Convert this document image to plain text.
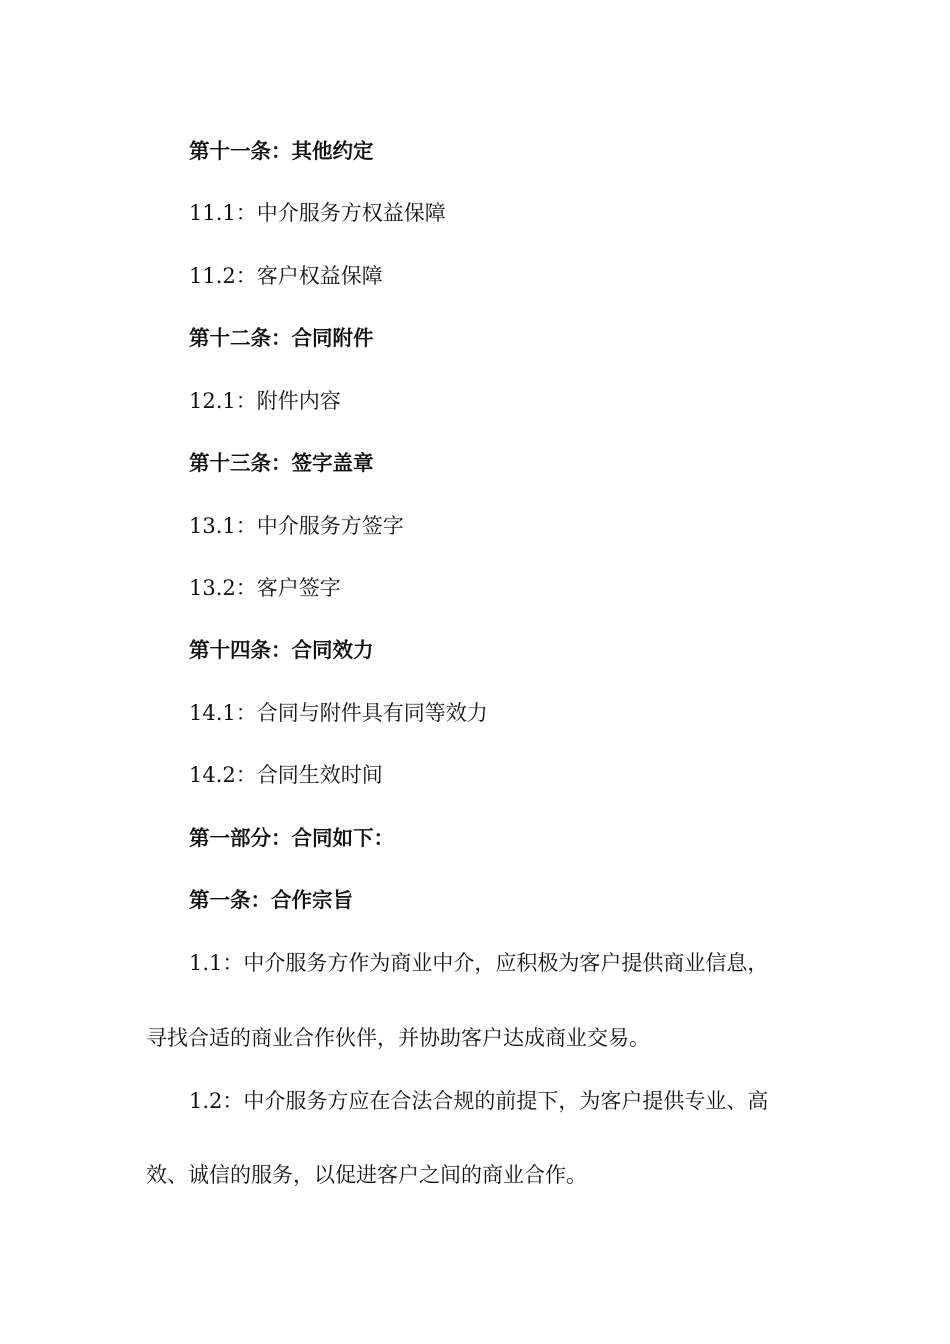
第十一条：其他约定
11.1：中介服务方权益保障
11.2：客户权益保障
第十二条：合同附件
12.1：附件内容
第十三条：签字盖章
13.1：中介服务方签字
13.2：客户签字
第十四条：合同效力
14.1：合同与附件具有同等效力
14.2：合同生效时间
第一部分：合同如下：
第一条：合作宗旨
1.1：中介服务方作为商业中介，应积极为客户提供商业信息，
寻找合适的商业合作伙伴，并协助客户达成商业交易。
1.2：中介服务方应在合法合规的前提下，为客户提供专业、高
效、诚信的服务，以促进客户之间的商业合作。
